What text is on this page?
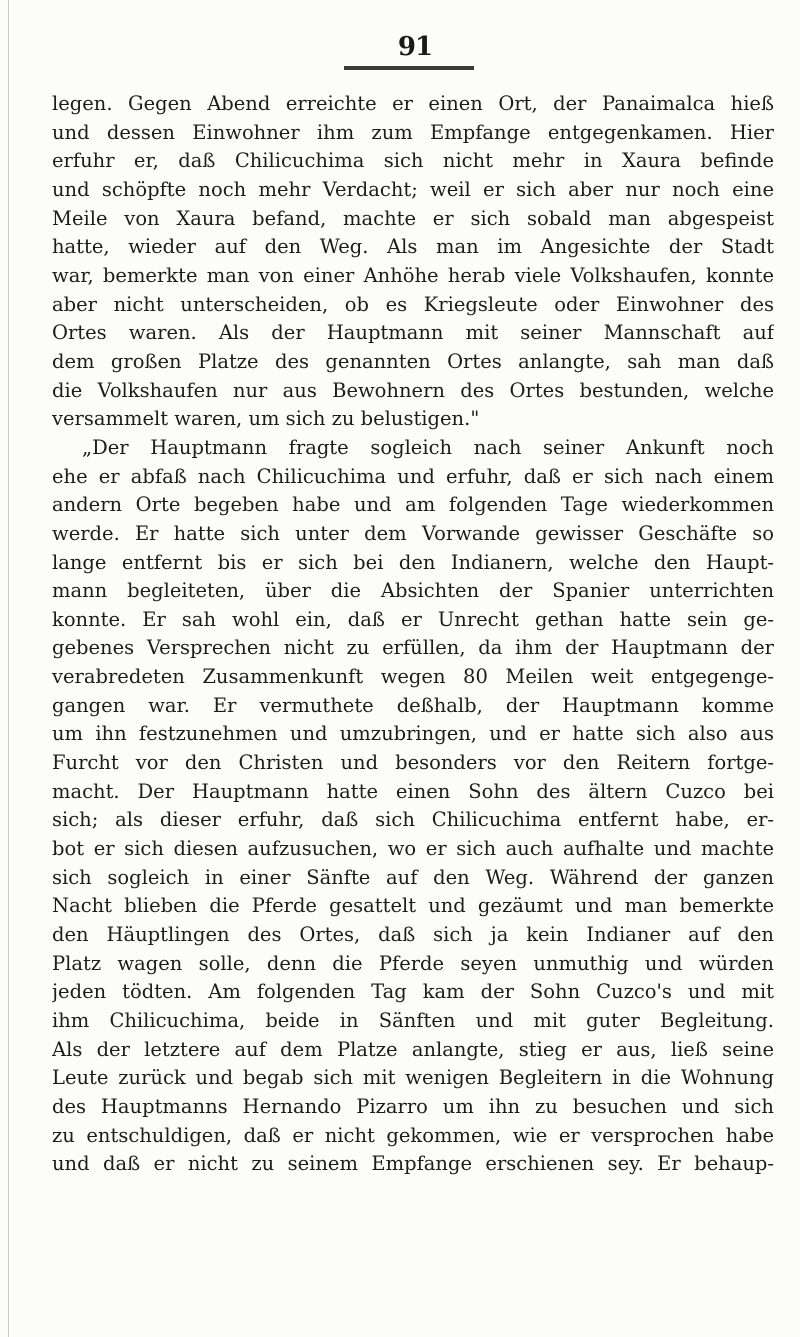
91
legen. Gegen Abend erreichte er einen Ort, der Panaimalca hieß
und dessen Einwohner ihm zum Empfange entgegenkamen. Hier
erfuhr er, daß Chilicuchima sich nicht mehr in Xaura befinde
und schöpfte noch mehr Verdacht; weil er sich aber nur noch eine
Meile von Xaura befand, machte er sich sobald man abgespeist
hatte, wieder auf den Weg. Als man im Angesichte der Stadt
war, bemerkte man von einer Anhöhe herab viele Volkshaufen, konnte
aber nicht unterscheiden, ob es Kriegsleute oder Einwohner des
Ortes waren. Als der Hauptmann mit seiner Mannschaft auf
dem großen Platze des genannten Ortes anlangte, sah man daß
die Volkshaufen nur aus Bewohnern des Ortes bestunden, welche
versammelt waren, um sich zu belustigen."
„Der Hauptmann fragte sogleich nach seiner Ankunft noch
ehe er abfaß nach Chilicuchima und erfuhr, daß er sich nach einem
andern Orte begeben habe und am folgenden Tage wiederkommen
werde. Er hatte sich unter dem Vorwande gewisser Geschäfte so
lange entfernt bis er sich bei den Indianern, welche den Haupt-
mann begleiteten, über die Absichten der Spanier unterrichten
konnte. Er sah wohl ein, daß er Unrecht gethan hatte sein ge-
gebenes Versprechen nicht zu erfüllen, da ihm der Hauptmann der
verabredeten Zusammenkunft wegen 80 Meilen weit entgegenge-
gangen war. Er vermuthete deßhalb, der Hauptmann komme
um ihn festzunehmen und umzubringen, und er hatte sich also aus
Furcht vor den Christen und besonders vor den Reitern fortge-
macht. Der Hauptmann hatte einen Sohn des ältern Cuzco bei
sich; als dieser erfuhr, daß sich Chilicuchima entfernt habe, er-
bot er sich diesen aufzusuchen, wo er sich auch aufhalte und machte
sich sogleich in einer Sänfte auf den Weg. Während der ganzen
Nacht blieben die Pferde gesattelt und gezäumt und man bemerkte
den Häuptlingen des Ortes, daß sich ja kein Indianer auf den
Platz wagen solle, denn die Pferde seyen unmuthig und würden
jeden tödten. Am folgenden Tag kam der Sohn Cuzco's und mit
ihm Chilicuchima, beide in Sänften und mit guter Begleitung.
Als der letztere auf dem Platze anlangte, stieg er aus, ließ seine
Leute zurück und begab sich mit wenigen Begleitern in die Wohnung
des Hauptmanns Hernando Pizarro um ihn zu besuchen und sich
zu entschuldigen, daß er nicht gekommen, wie er versprochen habe
und daß er nicht zu seinem Empfange erschienen sey. Er behaup-
